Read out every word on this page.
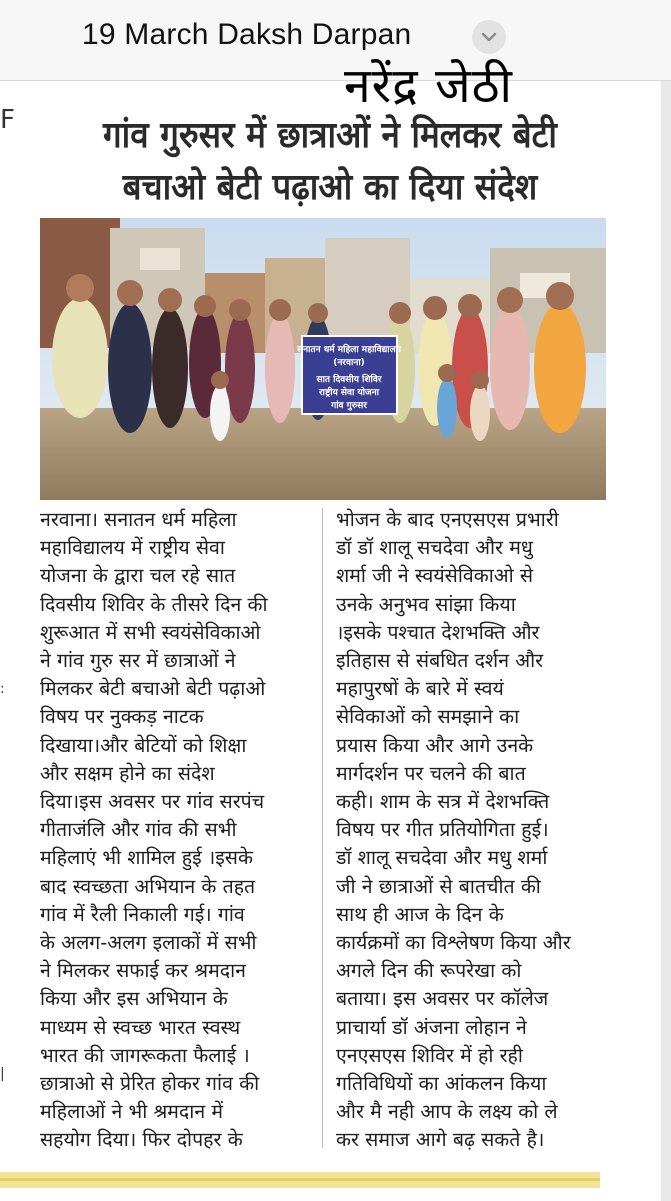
19 March Daksh Darpan
F
:
|
नरेंद्र जेठी
गांव गुरुसर में छात्राओं ने मिलकर बेटी
बचाओ बेटी पढ़ाओ का दिया संदेश
सनातन धर्म महिला महाविद्यालय
(नरवाना)
सात दिवसीय शिविर
राष्ट्रीय सेवा योजना
गांव गुरुसर
नरवाना। सनातन धर्म महिला
महाविद्यालय में राष्ट्रीय सेवा
योजना के द्वारा चल रहे सात
दिवसीय शिविर के तीसरे दिन की
शुरूआत में सभी स्वयंसेविकाओ
ने गांव गुरु सर में छात्राओं ने
मिलकर बेटी बचाओ बेटी पढ़ाओ
विषय पर नुक्कड़ नाटक
दिखाया।और बेटियों को शिक्षा
और सक्षम होने का संदेश
दिया।इस अवसर पर गांव सरपंच
गीताजंलि और गांव की सभी
महिलाएं भी शामिल हुई ।इसके
बाद स्वच्छता अभियान के तहत
गांव में रैली निकाली गई। गांव
के अलग-अलग इलाकों में सभी
ने मिलकर सफाई कर श्रमदान
किया और इस अभियान के
माध्यम से स्वच्छ भारत स्वस्थ
भारत की जागरूकता फैलाई ।
छात्राओ से प्रेरित होकर गांव की
महिलाओं ने भी श्रमदान में
सहयोग दिया। फिर दोपहर के
भोजन के बाद एनएसएस प्रभारी
डॉ डॉ शालू सचदेवा और मधु
शर्मा जी ने स्वयंसेविकाओ से
उनके अनुभव सांझा किया
।इसके पश्चात देशभक्ति और
इतिहास से संबधित दर्शन और
महापुरषों के बारे में स्वयं
सेविकाओं को समझाने का
प्रयास किया और आगे उनके
मार्गदर्शन पर चलने की बात
कही। शाम के सत्र में देशभक्ति
विषय पर गीत प्रतियोगिता हुई।
डॉ शालू सचदेवा और मधु शर्मा
जी ने छात्राओं से बातचीत की
साथ ही आज के दिन के
कार्यक्रमों का विश्लेषण किया और
अगले दिन की रूपरेखा को
बताया। इस अवसर पर कॉलेज
प्राचार्या डॉ अंजना लोहान ने
एनएसएस शिविर में हो रही
गतिविधियों का आंकलन किया
और मै नही आप के लक्ष्य को ले
कर समाज आगे बढ़ सकते है।
